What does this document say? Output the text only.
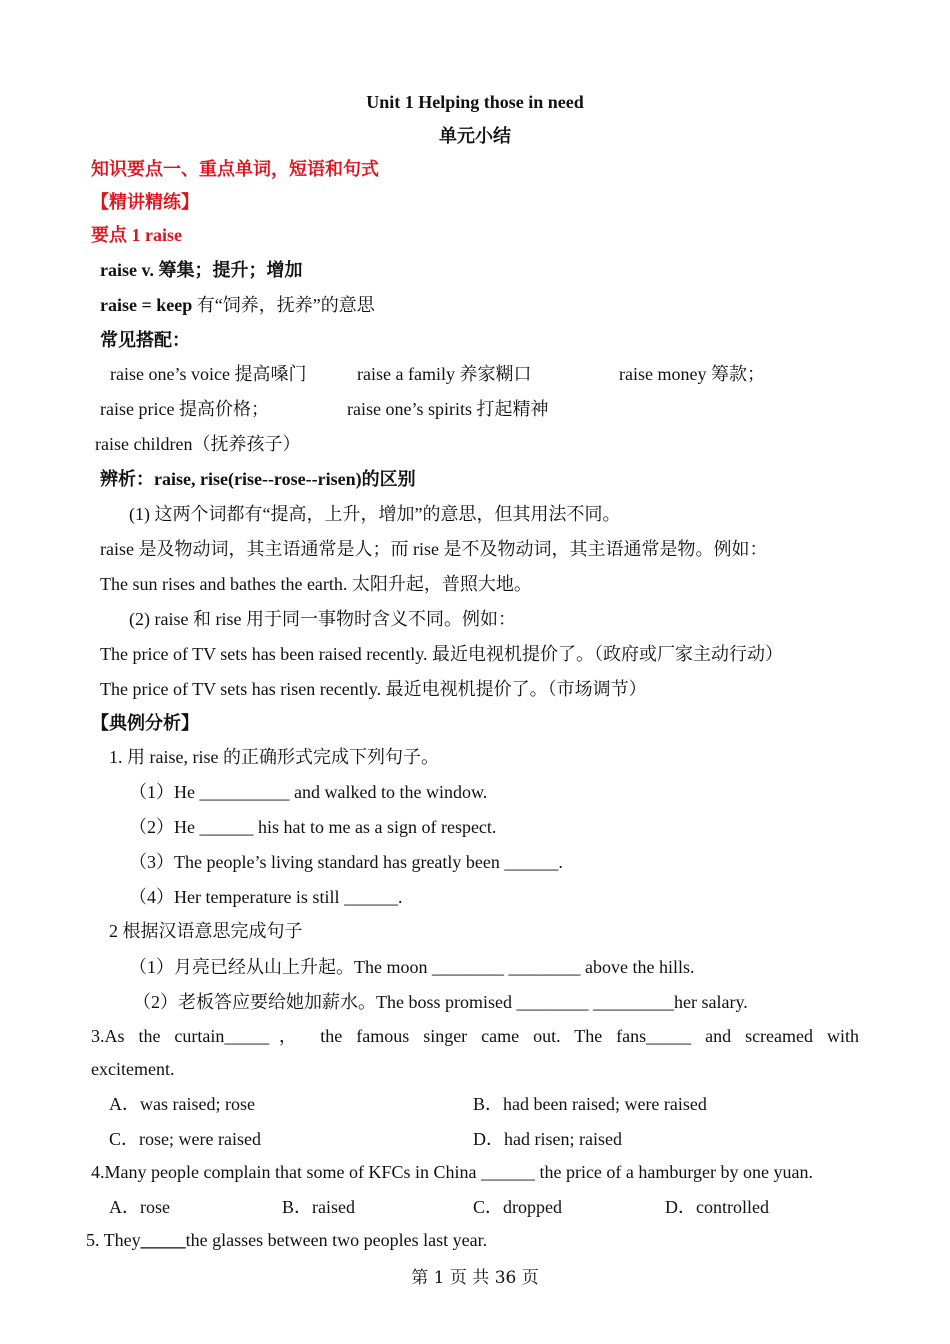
Unit 1 Helping those in need
单元小结
知识要点一、重点单词，短语和句式
【精讲精练】
要点 1 raise
raise v. 筹集；提升；增加
raise = keep 有“饲养，抚养”的意思
常见搭配：
raise one’s voice 提高嗓门	raise a family 养家糊口	raise money 筹款；
raise price 提高价格；	raise one’s spirits 打起精神
raise children（抚养孩子）
辨析：raise, rise(rise--rose--risen)的区别
(1) 这两个词都有“提高，上升，增加”的意思，但其用法不同。
raise 是及物动词，其主语通常是人；而 rise 是不及物动词，其主语通常是物。例如：
The sun rises and bathes the earth. 太阳升起，普照大地。
(2) raise 和 rise 用于同一事物时含义不同。例如：
The price of TV sets has been raised recently. 最近电视机提价了。（政府或厂家主动行动）
The price of TV sets has risen recently. 最近电视机提价了。（市场调节）
【典例分析】
1. 用 raise, rise 的正确形式完成下列句子。
（1）He __________ and walked to the window.
（2）He ______ his hat to me as a sign of respect.
（3）The people’s living standard has greatly been ______.
（4）Her temperature is still ______.
2 根据汉语意思完成句子
（1）月亮已经从山上升起。The moon ________ ________ above the hills.
（2）老板答应要给她加薪水。The boss promised ________ _________her salary.
3.As the curtain_____， the famous singer came out. The fans_____ and screamed with
excitement.
A．was raised; rose	B．had been raised; were raised
C．rose; were raised	D．had risen; raised
4.Many people complain that some of KFCs in China ______ the price of a hamburger by one yuan.
A．rose	B．raised	C．dropped	D．controlled
5. They_____the glasses between two peoples last year.
第 1 页 共 36 页
